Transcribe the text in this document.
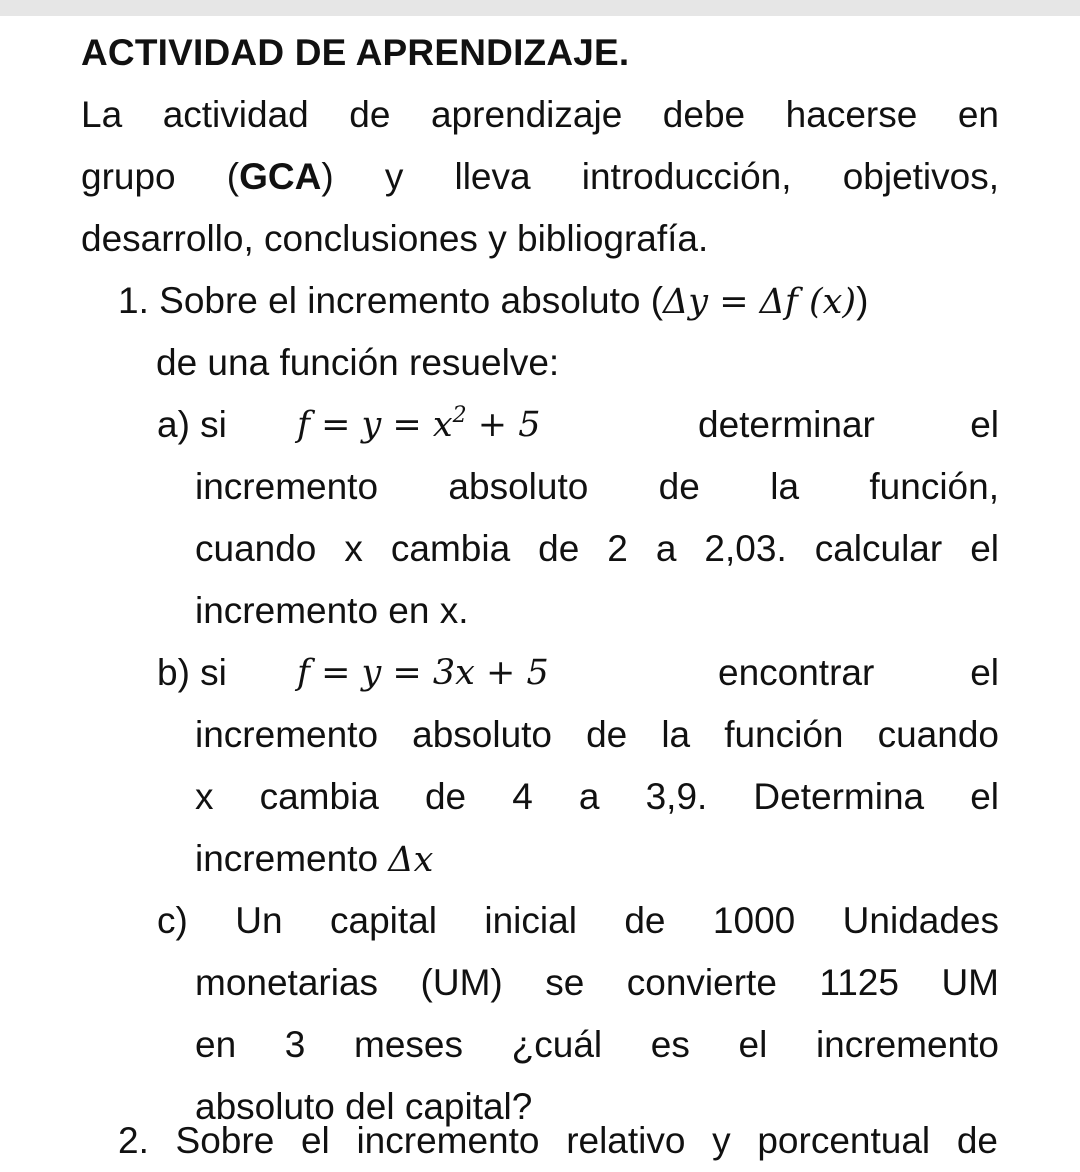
ACTIVIDAD DE APRENDIZAJE.
La actividad de aprendizaje debe hacerse en
grupo (GCA) y lleva introducción, objetivos,
desarrollo, conclusiones y bibliografía.
1. Sobre el incremento absoluto (Δy = Δf (x))
de una función resuelve:
a) si $f = y = x^2 + 5$	determinar	el
incremento absoluto de la función,
cuando x cambia de 2 a 2,03. calcular el
incremento en x.
b) si f = y = 3x + 5	encontrar	el
incremento absoluto de la función cuando
x cambia de 4 a 3,9. Determina el
incremento Δx
c) Un capital inicial de 1000 Unidades
monetarias (UM) se convierte 1125 UM
en 3 meses ¿cuál es el incremento
absoluto del capital?
2. Sobre el incremento relativo y porcentual de
